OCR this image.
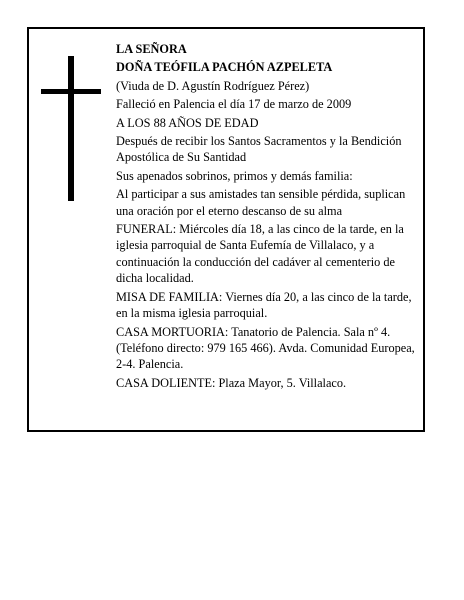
LA SEÑORA

DOÑA TEÓFILA PACHÓN AZPELETA

(Viuda de D. Agustín Rodríguez Pérez)

Falleció en Palencia el día 17 de marzo de 2009

A LOS 88 AÑOS DE EDAD

Después de recibir los Santos Sacramentos y la Bendición Apostólica de Su Santidad

Sus apenados sobrinos, primos y demás familia:

Al participar a sus amistades tan sensible pérdida, suplican una oración por el eterno descanso de su alma

FUNERAL: Miércoles día 18, a las cinco de la tarde, en la iglesia parroquial de Santa Eufemía de Villalaco, y a continuación la conducción del cadáver al cementerio de dicha localidad.

MISA DE FAMILIA: Viernes día 20, a las cinco de la tarde, en la misma iglesia parroquial.

CASA MORTUORIA: Tanatorio de Palencia. Sala nº 4. (Teléfono directo: 979 165 466). Avda. Comunidad Europea, 2-4. Palencia.

CASA DOLIENTE: Plaza Mayor, 5. Villalaco.
